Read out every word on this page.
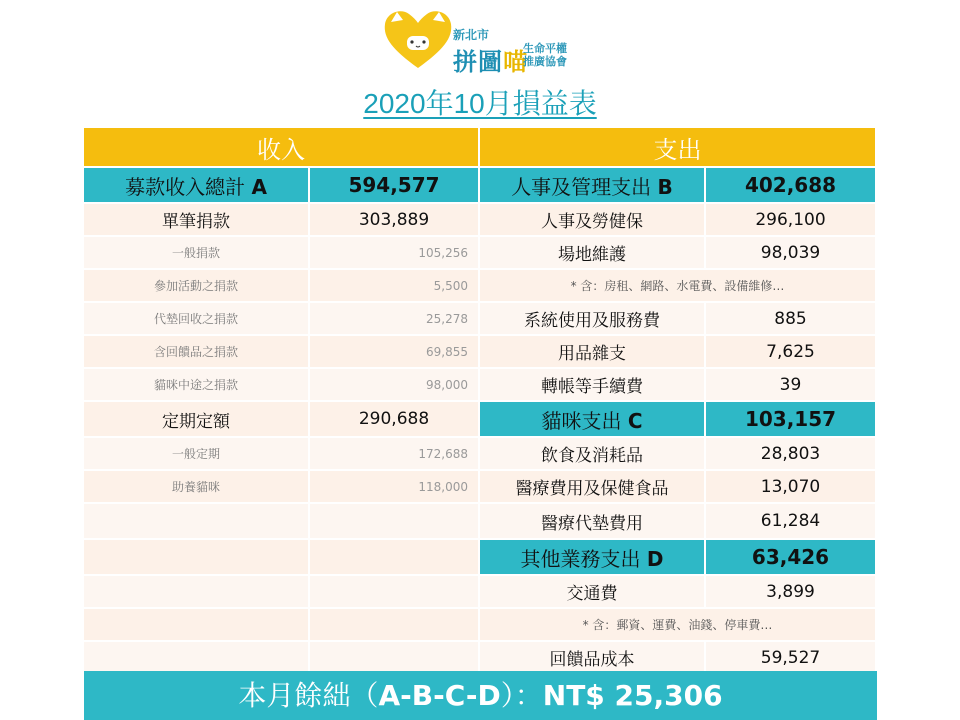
新北市
拼圖喵
生命平權
推廣協會
2020年10月損益表
收入		支出	
募款收入總計 A	594,577	人事及管理支出 B	402,688
單筆捐款	303,889	人事及勞健保	296,100
一般捐款	105,256	場地維護	98,039
參加活動之捐款	5,500	* 含：房租、網路、水電費、設備維修…	
代墊回收之捐款	25,278	系統使用及服務費	885
含回饋品之捐款	69,855	用品雜支	7,625
貓咪中途之捐款	98,000	轉帳等手續費	39
定期定額	290,688	貓咪支出 C	103,157
一般定期	172,688	飲食及消耗品	28,803
助養貓咪	118,000	醫療費用及保健食品	13,070
		醫療代墊費用	61,284
		其他業務支出 D	63,426
		交通費	3,899
		* 含：郵資、運費、油錢、停車費…	
		回饋品成本	59,527
本月餘絀（A-B-C-D）：NT$ 25,306
